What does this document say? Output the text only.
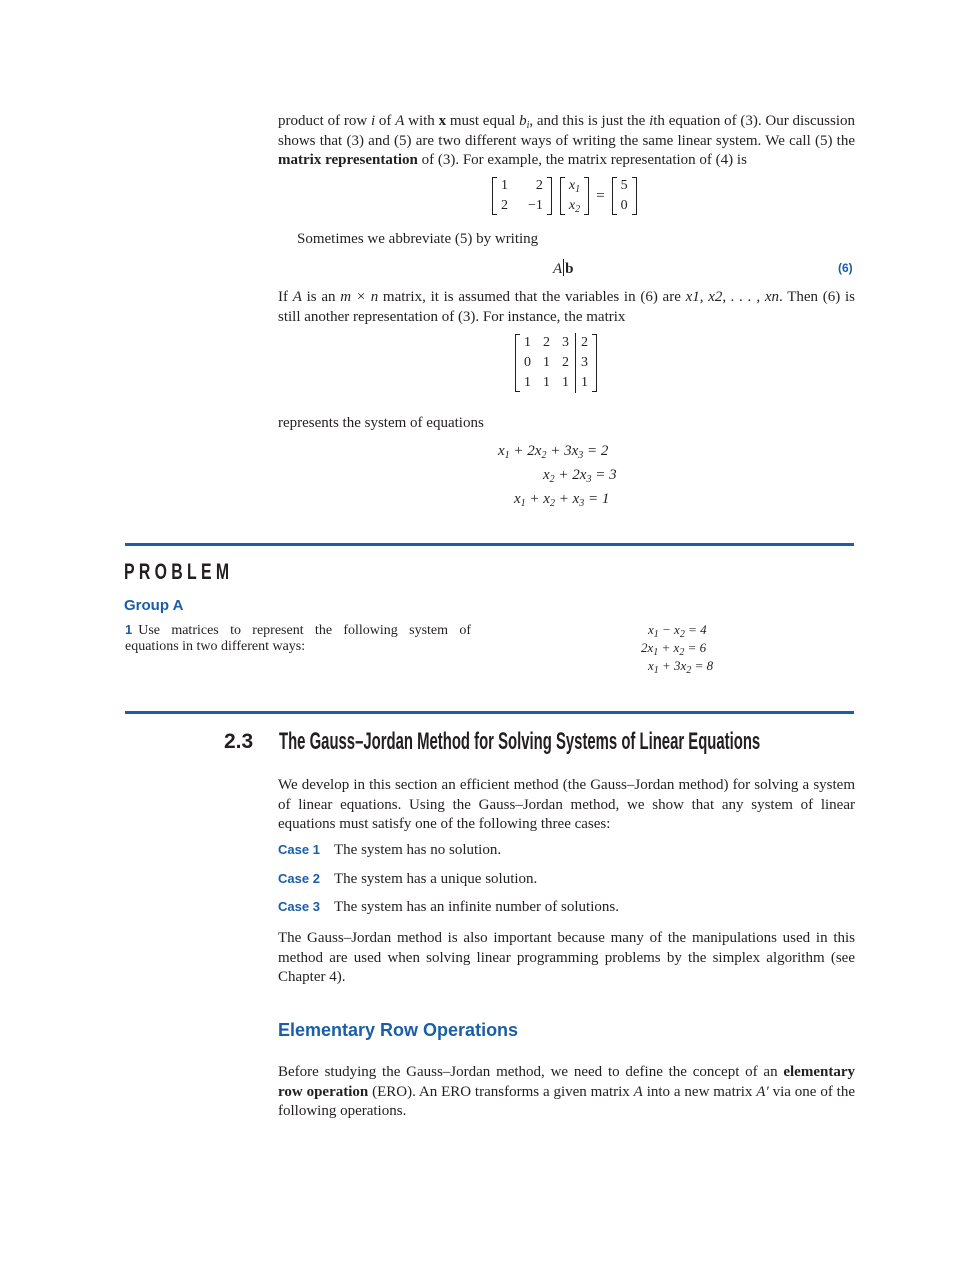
product of row i of A with x must equal $b_i$, and this is just the ith equation of (3). Our discussion shows that (3) and (5) are two different ways of writing the same linear system. We call (5) the matrix representation of (3). For example, the matrix representation of (4) is

1	2
2	−1

$x_1$
$x_2$
=
5
0
Sometimes we abbreviate (5) by writing
A b	(6)

If A is an m × n matrix, it is assumed that the variables in (6) are x1, x2, . . . , xn. Then (6) is still another representation of (3). For instance, the matrix

1	2	3	2
0	1	2	3
1	1	1	1
represents the system of equations
$x_1 + 2x_2 + 3x_3 = 2$
$x_2 + 2x_3 = 3$
$x_1 + x_2 + x_3 = 1$
PROBLEM
Group A
1 Use matrices to represent the following system of equations in two different ways:
$x_1 - x_2 = 4$
$2x_1 + x_2 = 6$
$x_1 + 3x_2 = 8$
2.3 The Gauss–Jordan Method for Solving Systems of Linear Equations
We develop in this section an efficient method (the Gauss–Jordan method) for solving a system of linear equations. Using the Gauss–Jordan method, we show that any system of linear equations must satisfy one of the following three cases:
Case 1 The system has no solution.
Case 2 The system has a unique solution.
Case 3 The system has an infinite number of solutions.
The Gauss–Jordan method is also important because many of the manipulations used in this method are used when solving linear programming problems by the simplex algorithm (see Chapter 4).
Elementary Row Operations

Before studying the Gauss–Jordan method, we need to define the concept of an elementary row operation (ERO). An ERO transforms a given matrix A into a new matrix A′ via one of the following operations.
